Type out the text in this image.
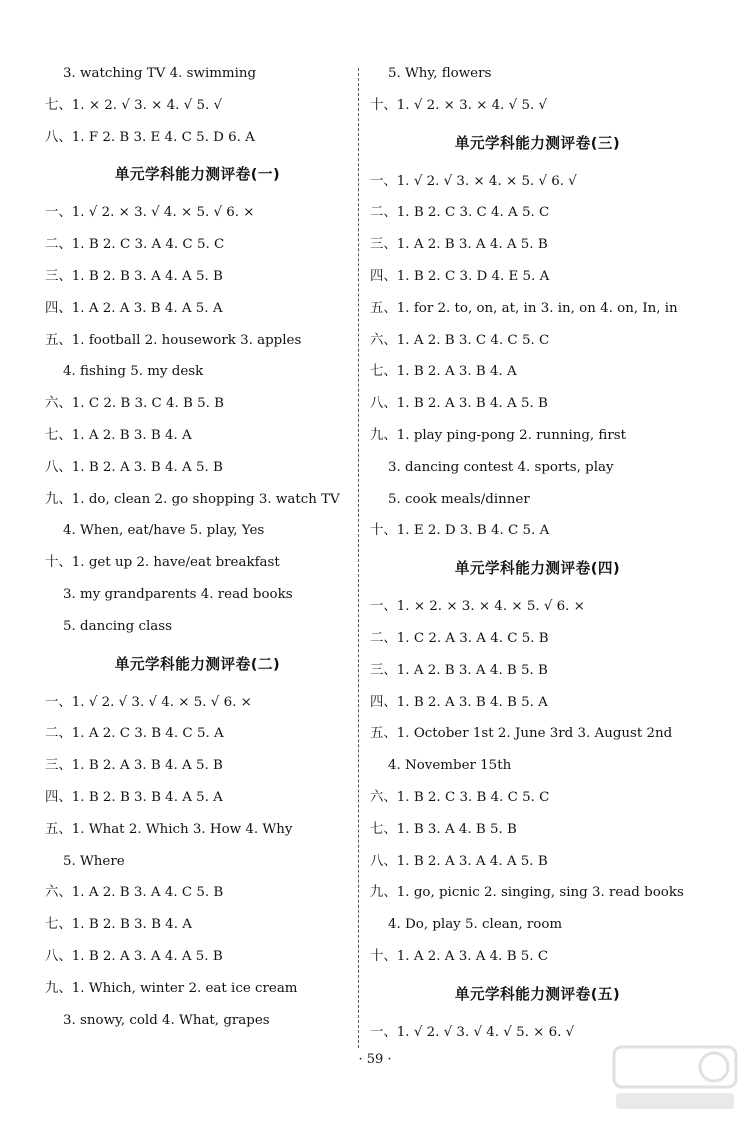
3. watching TV 4. swimming
七、1. × 2. √ 3. × 4. √ 5. √
八、1. F 2. B 3. E 4. C 5. D 6. A
单元学科能力测评卷(一)
一、1. √ 2. × 3. √ 4. × 5. √ 6. ×
二、1. B 2. C 3. A 4. C 5. C
三、1. B 2. B 3. A 4. A 5. B
四、1. A 2. A 3. B 4. A 5. A
五、1. football 2. housework 3. apples
4. fishing 5. my desk
六、1. C 2. B 3. C 4. B 5. B
七、1. A 2. B 3. B 4. A
八、1. B 2. A 3. B 4. A 5. B
九、1. do, clean 2. go shopping 3. watch TV
4. When, eat/have 5. play, Yes
十、1. get up 2. have/eat breakfast
3. my grandparents 4. read books
5. dancing class
单元学科能力测评卷(二)
一、1. √ 2. √ 3. √ 4. × 5. √ 6. ×
二、1. A 2. C 3. B 4. C 5. A
三、1. B 2. A 3. B 4. A 5. B
四、1. B 2. B 3. B 4. A 5. A
五、1. What 2. Which 3. How 4. Why
5. Where
六、1. A 2. B 3. A 4. C 5. B
七、1. B 2. B 3. B 4. A
八、1. B 2. A 3. A 4. A 5. B
九、1. Which, winter 2. eat ice cream
3. snowy, cold 4. What, grapes
5. Why, flowers
十、1. √ 2. × 3. × 4. √ 5. √
单元学科能力测评卷(三)
一、1. √ 2. √ 3. × 4. × 5. √ 6. √
二、1. B 2. C 3. C 4. A 5. C
三、1. A 2. B 3. A 4. A 5. B
四、1. B 2. C 3. D 4. E 5. A
五、1. for 2. to, on, at, in 3. in, on 4. on, In, in
六、1. A 2. B 3. C 4. C 5. C
七、1. B 2. A 3. B 4. A
八、1. B 2. A 3. B 4. A 5. B
九、1. play ping-pong 2. running, first
3. dancing contest 4. sports, play
5. cook meals/dinner
十、1. E 2. D 3. B 4. C 5. A
单元学科能力测评卷(四)
一、1. × 2. × 3. × 4. × 5. √ 6. ×
二、1. C 2. A 3. A 4. C 5. B
三、1. A 2. B 3. A 4. B 5. B
四、1. B 2. A 3. B 4. B 5. A
五、1. October 1st 2. June 3rd 3. August 2nd
4. November 15th
六、1. B 2. C 3. B 4. C 5. C
七、1. B 3. A 4. B 5. B
八、1. B 2. A 3. A 4. A 5. B
九、1. go, picnic 2. singing, sing 3. read books
4. Do, play 5. clean, room
十、1. A 2. A 3. A 4. B 5. C
单元学科能力测评卷(五)
一、1. √ 2. √ 3. √ 4. √ 5. × 6. √
· 59 ·
